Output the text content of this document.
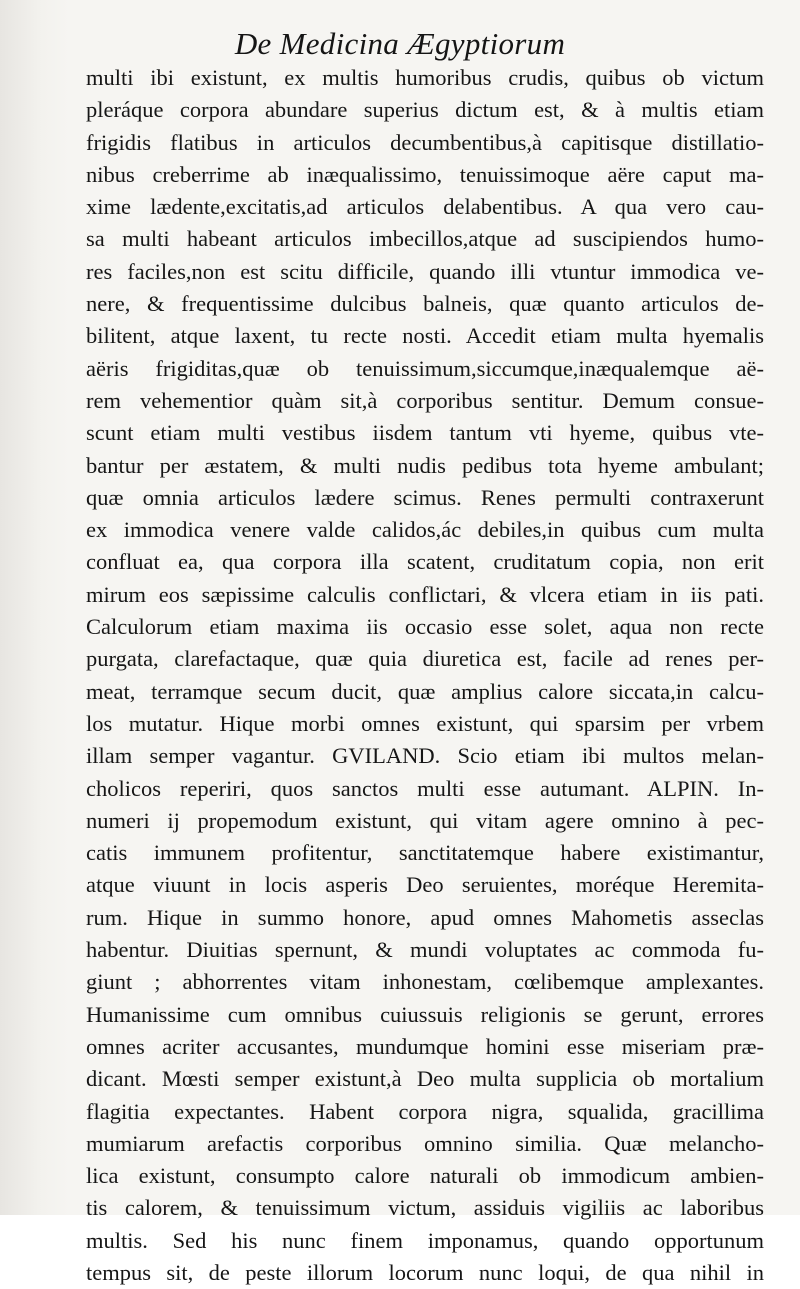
De Medicina Ægyptiorum
multi ibi existunt, ex multis humoribus crudis, quibus ob victum
pleráque corpora abundare superius dictum est, & à multis etiam
frigidis flatibus in articulos decumbentibus,à capitisque distillatio-
nibus creberrime ab inæqualissimo, tenuissimoque aëre caput ma-
xime lædente,excitatis,ad articulos delabentibus. A qua vero cau-
sa multi habeant articulos imbecillos,atque ad suscipiendos humo-
res faciles,non est scitu difficile, quando illi vtuntur immodica ve-
nere, & frequentissime dulcibus balneis, quæ quanto articulos de-
bilitent, atque laxent, tu recte nosti. Accedit etiam multa hyemalis
aëris frigiditas,quæ ob tenuissimum,siccumque,inæqualemque aë-
rem vehementior quàm sit,à corporibus sentitur. Demum consue-
scunt etiam multi vestibus iisdem tantum vti hyeme, quibus vte-
bantur per æstatem, & multi nudis pedibus tota hyeme ambulant;
quæ omnia articulos lædere scimus. Renes permulti contraxerunt
ex immodica venere valde calidos,ác debiles,in quibus cum multa
confluat ea, qua corpora illa scatent, cruditatum copia, non erit
mirum eos sæpissime calculis conflictari, & vlcera etiam in iis pati.
Calculorum etiam maxima iis occasio esse solet, aqua non recte
purgata, clarefactaque, quæ quia diuretica est, facile ad renes per-
meat, terramque secum ducit, quæ amplius calore siccata,in calcu-
los mutatur. Hique morbi omnes existunt, qui sparsim per vrbem
illam semper vagantur. GVILAND. Scio etiam ibi multos melan-
cholicos reperiri, quos sanctos multi esse autumant. ALPIN. In-
numeri ij propemodum existunt, qui vitam agere omnino à pec-
catis immunem profitentur, sanctitatemque habere existimantur,
atque viuunt in locis asperis Deo seruientes, moréque Heremita-
rum. Hique in summo honore, apud omnes Mahometis asseclas
habentur. Diuitias spernunt, & mundi voluptates ac commoda fu-
giunt ; abhorrentes vitam inhonestam, cœlibemque amplexantes.
Humanissime cum omnibus cuiussuis religionis se gerunt, errores
omnes acriter accusantes, mundumque homini esse miseriam præ-
dicant. Mœsti semper existunt,à Deo multa supplicia ob mortalium
flagitia expectantes. Habent corpora nigra, squalida, gracillima
mumiarum arefactis corporibus omnino similia. Quæ melancho-
lica existunt, consumpto calore naturali ob immodicum ambien-
tis calorem, & tenuissimum victum, assiduis vigiliis ac laboribus
multis. Sed his nunc finem imponamus, quando opportunum
tempus sit, de peste illorum locorum nunc loqui, de qua nihil in
